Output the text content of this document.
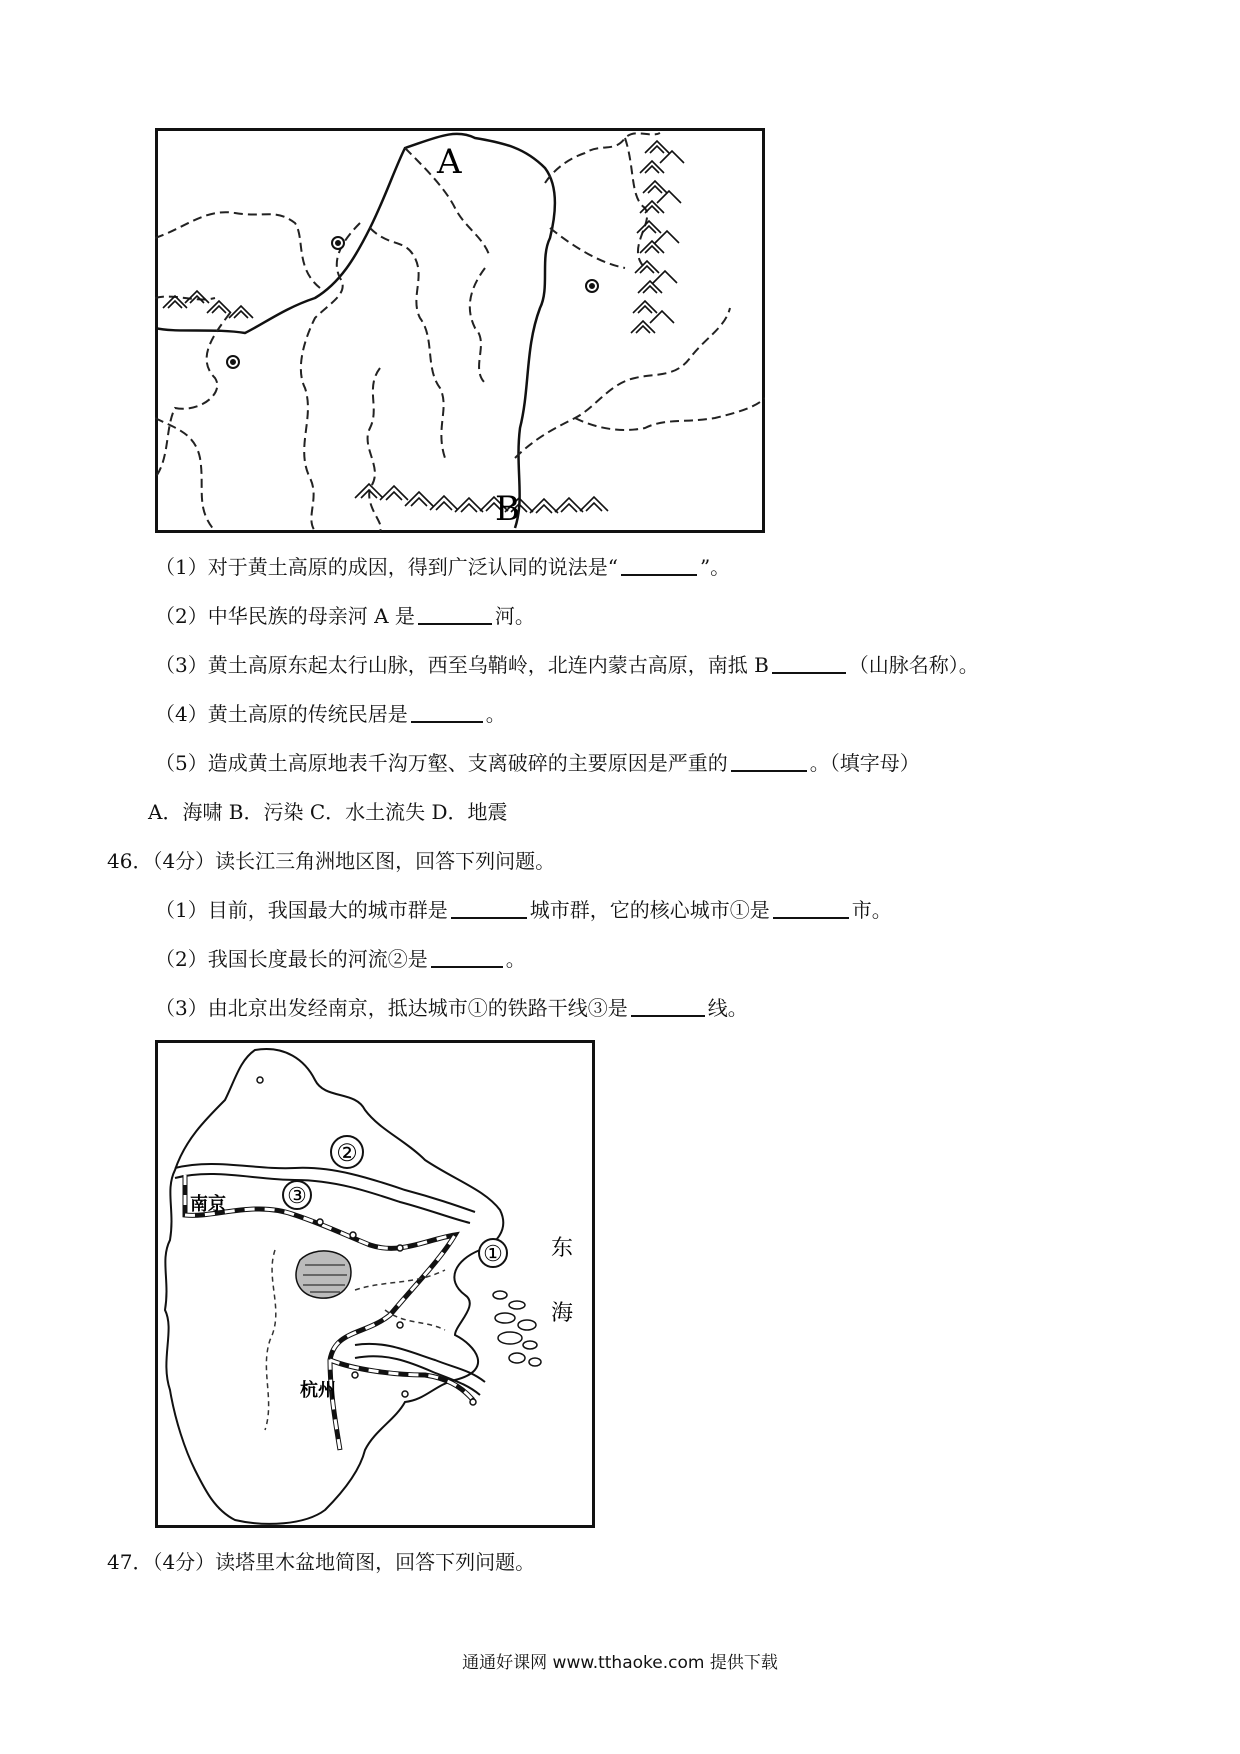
A
B
（1）对于黄土高原的成因，得到广泛认同的说法是“	”。
（2）中华民族的母亲河 A 是	河。
（3）黄土高原东起太行山脉，西至乌鞘岭，北连内蒙古高原，南抵 B	（山脉名称）。
（4）黄土高原的传统民居是	。
（5）造成黄土高原地表千沟万壑、支离破碎的主要原因是严重的	。（填字母）
A．海啸 B．污染 C．水土流失 D．地震
46．（4分）读长江三角洲地区图，回答下列问题。
（1）目前，我国最大的城市群是	城市群，它的核心城市①是	市。
（2）我国长度最长的河流②是	。
（3）由北京出发经南京，抵达城市①的铁路干线③是	线。
②
③
①
南京
杭州
东
海
47．（4分）读塔里木盆地简图，回答下列问题。
通通好课网 www.tthaoke.com 提供下载
